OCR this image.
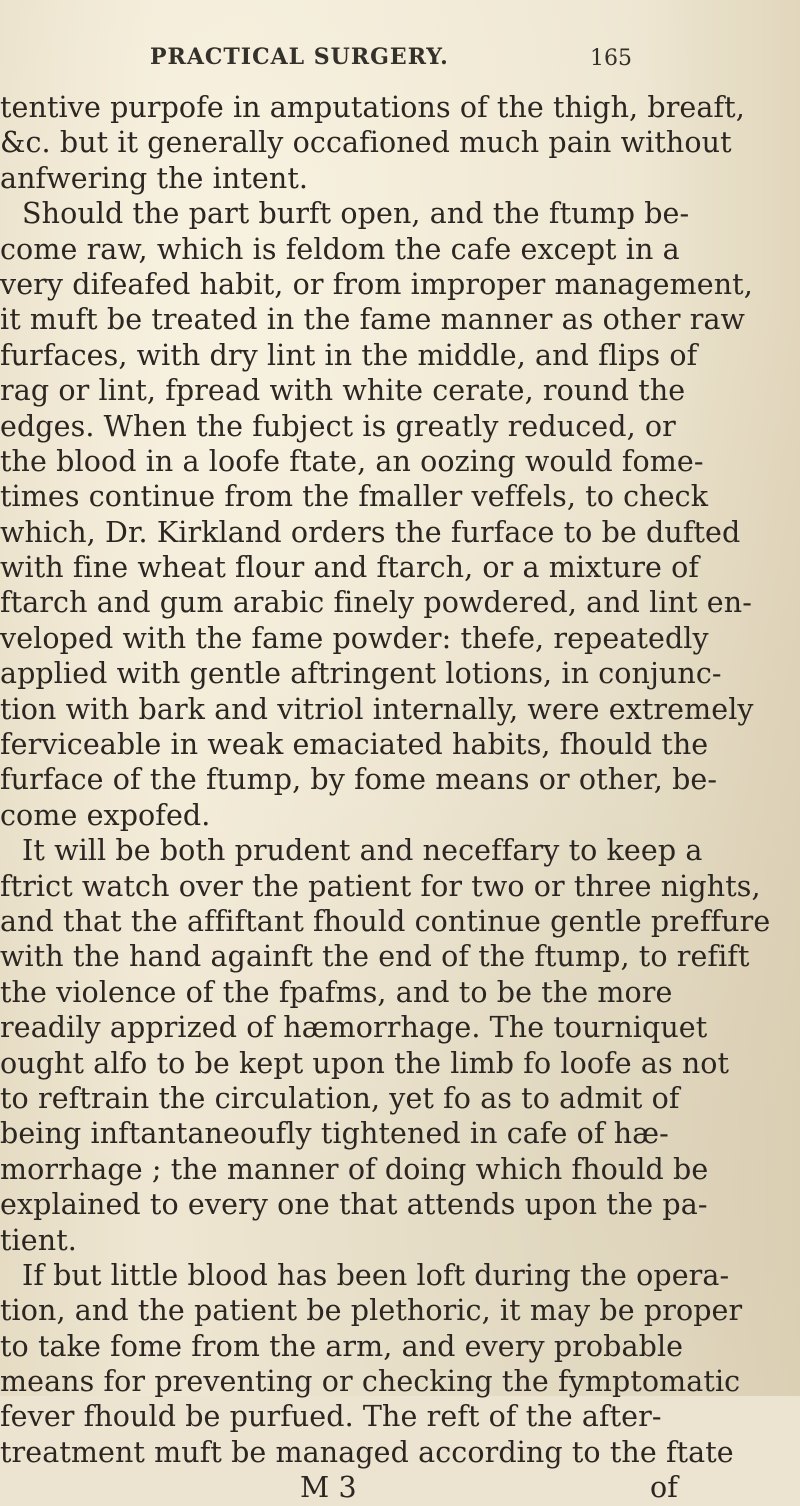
PRACTICAL SURGERY.	165
tentive purpofe in amputations of the thigh, breaft,
&c. but it generally occafioned much pain without
anfwering the intent.
Should the part burft open, and the ftump be-
come raw, which is feldom the cafe except in a
very difeafed habit, or from improper management,
it muft be treated in the fame manner as other raw
furfaces, with dry lint in the middle, and flips of
rag or lint, fpread with white cerate, round the
edges. When the fubject is greatly reduced, or
the blood in a loofe ftate, an oozing would fome-
times continue from the fmaller veffels, to check
which, Dr. Kirkland orders the furface to be dufted
with fine wheat flour and ftarch, or a mixture of
ftarch and gum arabic finely powdered, and lint en-
veloped with the fame powder: thefe, repeatedly
applied with gentle aftringent lotions, in conjunc-
tion with bark and vitriol internally, were extremely
ferviceable in weak emaciated habits, fhould the
furface of the ftump, by fome means or other, be-
come expofed.
It will be both prudent and neceffary to keep a
ftrict watch over the patient for two or three nights,
and that the affiftant fhould continue gentle preffure
with the hand againft the end of the ftump, to refift
the violence of the fpafms, and to be the more
readily apprized of hæmorrhage. The tourniquet
ought alfo to be kept upon the limb fo loofe as not
to reftrain the circulation, yet fo as to admit of
being inftantaneoufly tightened in cafe of hæ-
morrhage ; the manner of doing which fhould be
explained to every one that attends upon the pa-
tient.
If but little blood has been loft during the opera-
tion, and the patient be plethoric, it may be proper
to take fome from the arm, and every probable
means for preventing or checking the fymptomatic
fever fhould be purfued. The reft of the after-
treatment muft be managed according to the ftate
M 3	of
